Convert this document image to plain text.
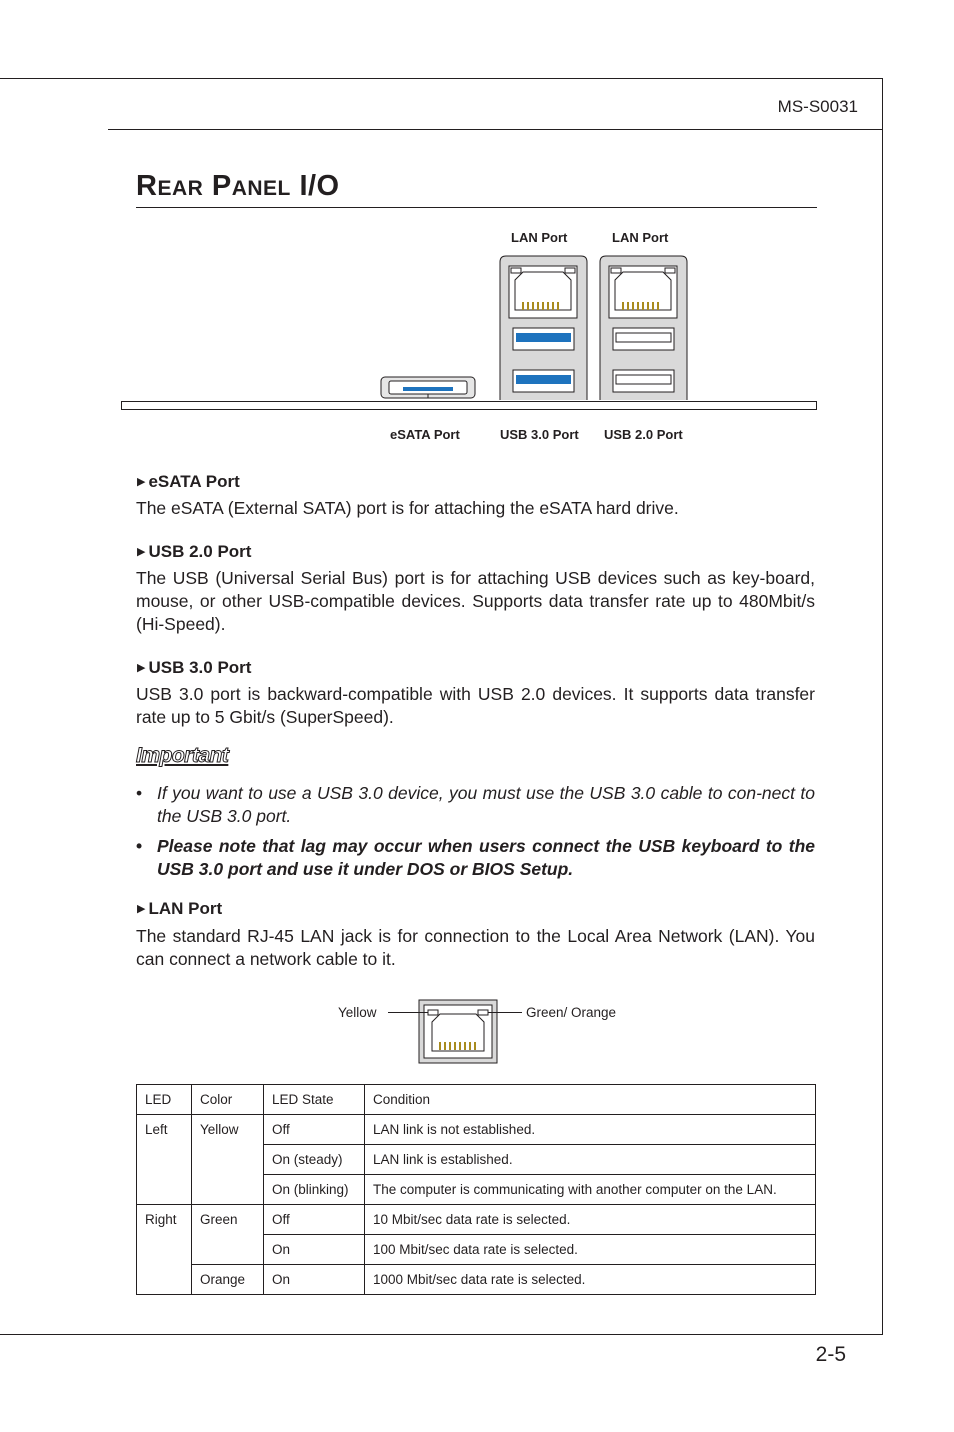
MS-S0031
REAR PANEL I/O
LAN Port	LAN Port
eSATA Port	USB 3.0 Port USB 2.0 Port
▶ eSATA Port
The eSATA (External SATA) port is for attaching the eSATA hard drive.
▶ USB 2.0 Port
The USB (Universal Serial Bus) port is for attaching USB devices such as key-board, mouse, or other USB-compatible devices. Supports data transfer rate up to 480Mbit/s (Hi-Speed).
▶ USB 3.0 Port
USB 3.0 port is backward-compatible with USB 2.0 devices. It supports data transfer rate up to 5 Gbit/s (SuperSpeed).
Important
• If you want to use a USB 3.0 device, you must use the USB 3.0 cable to con-nect to the USB 3.0 port.
• Please note that lag may occur when users connect the USB keyboard to the USB 3.0 port and use it under DOS or BIOS Setup.
▶ LAN Port
The standard RJ-45 LAN jack is for connection to the Local Area Network (LAN). You can connect a network cable to it.
Yellow	Green/ Orange
LED	Color	LED State	Condition
Left	Yellow	Off	LAN link is not established.
		On (steady)	LAN link is established.
		On (blinking)	The computer is communicating with another computer on the LAN.
Right	Green	Off	10 Mbit/sec data rate is selected.
		On	100 Mbit/sec data rate is selected.
	Orange	On	1000 Mbit/sec data rate is selected.
2-5
